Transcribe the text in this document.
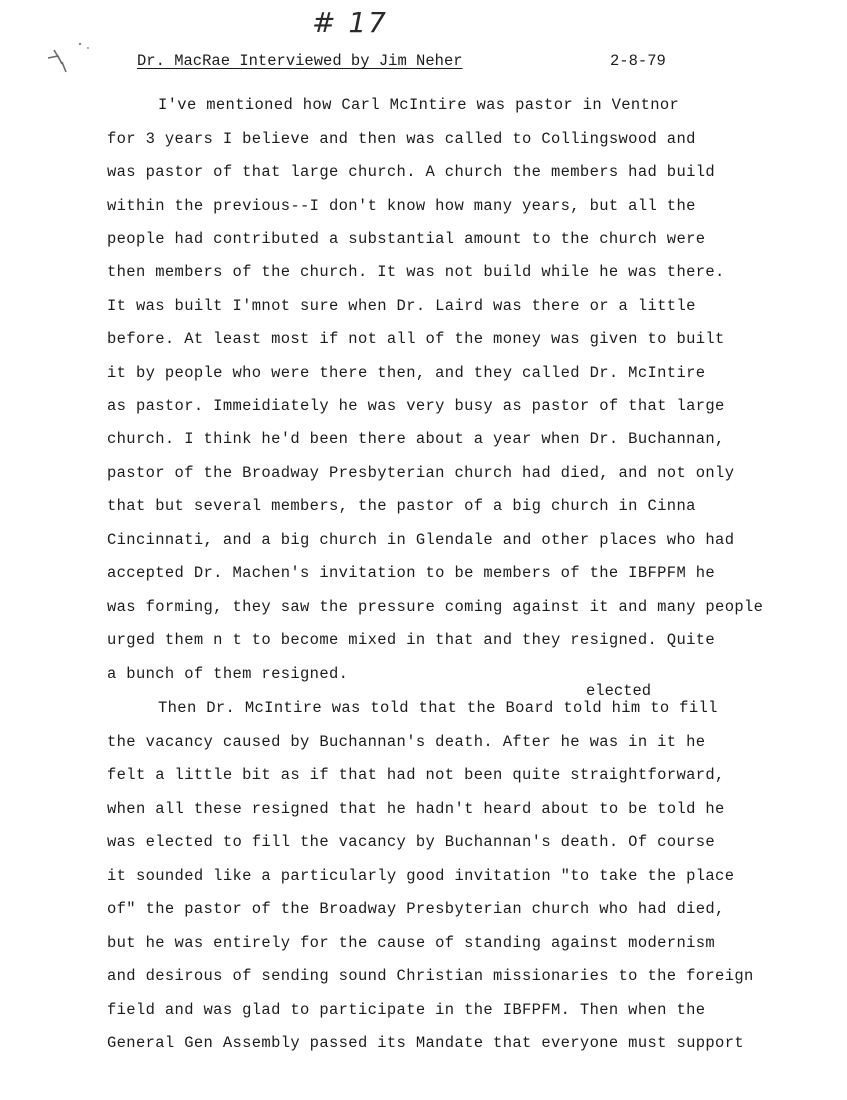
# 17
Dr. MacRae Interviewed by Jim Neher	2-8-79
elected
I've mentioned how Carl McIntire was pastor in Ventnor
for 3 years I believe and then was called to Collingswood and
was pastor of that large church. A church the members had build
within the previous--I don't know how many years, but all the
people had contributed a substantial amount to the church were
then members of the church. It was not build while he was there.
It was built I'mnot sure when Dr. Laird was there or a little
before. At least most if not all of the money was given to built
it by people who were there then, and they called Dr. McIntire
as pastor. Immeidiately he was very busy as pastor of that large
church. I think he'd been there about a year when Dr. Buchannan,
pastor of the Broadway Presbyterian church had died, and not only
that but several members, the pastor of a big church in Cinna
Cincinnati, and a big church in Glendale and other places who had
accepted Dr. Machen's invitation to be members of the IBFPFM he
was forming, they saw the pressure coming against it and many people
urged them n t to become mixed in that and they resigned. Quite
a bunch of them resigned.
Then Dr. McIntire was told that the Board told him to fill
the vacancy caused by Buchannan's death. After he was in it he
felt a little bit as if that had not been quite straightforward,
when all these resigned that he hadn't heard about to be told he
was elected to fill the vacancy by Buchannan's death. Of course
it sounded like a particularly good invitation "to take the place
of" the pastor of the Broadway Presbyterian church who had died,
but he was entirely for the cause of standing against modernism
and desirous of sending sound Christian missionaries to the foreign
field and was glad to participate in the IBFPFM. Then when the
General Gen Assembly passed its Mandate that everyone must support
